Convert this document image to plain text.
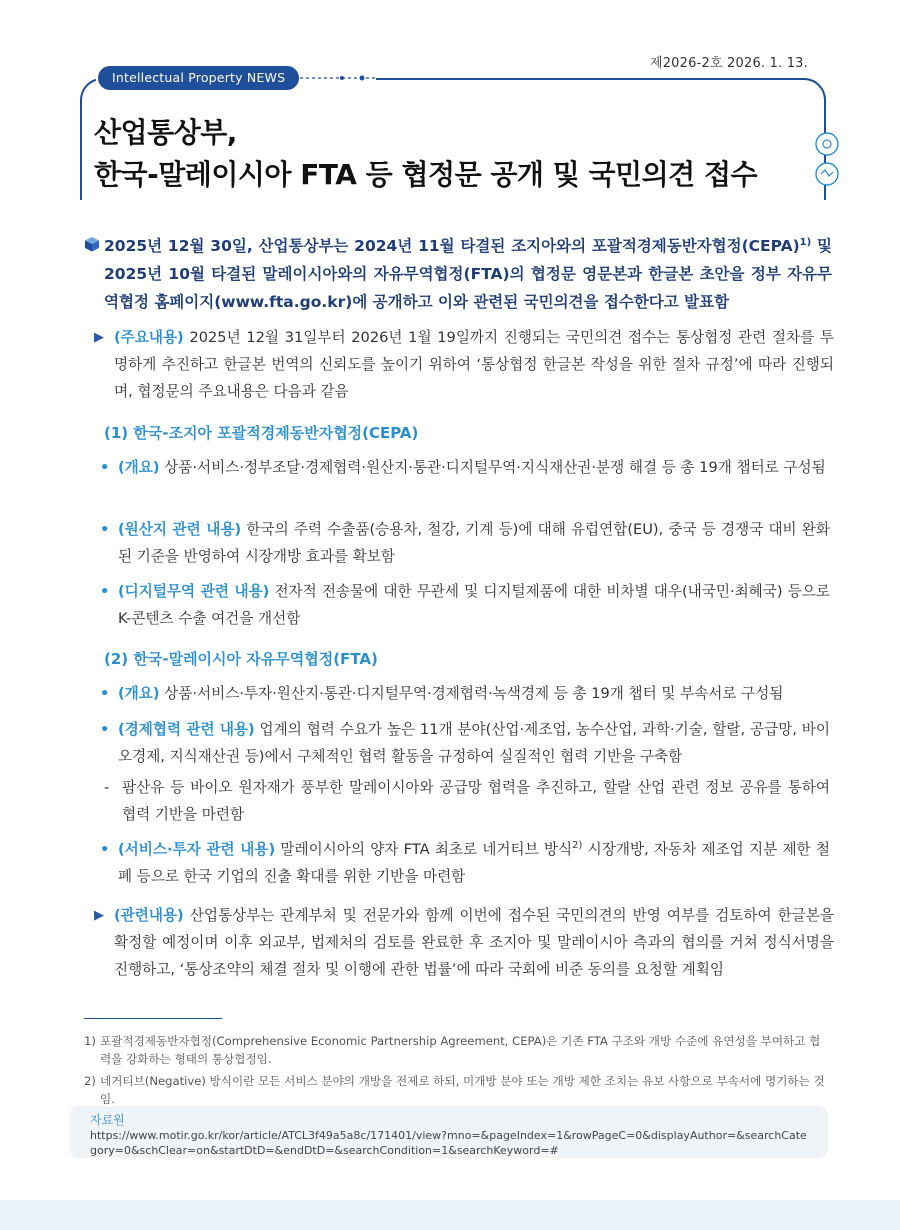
제2026-2호 2026. 1. 13.
Intellectual Property NEWS
산업통상부,
한국-말레이시아 FTA 등 협정문 공개 및 국민의견 접수
2025년 12월 30일, 산업통상부는 2024년 11월 타결된 조지아와의 포괄적경제동반자협정(CEPA)$^{1)}$ 및 2025년 10월 타결된 말레이시아와의 자유무역협정(FTA)의 협정문 영문본과 한글본 초안을 정부 자유무역협정 홈페이지(www.fta.go.kr)에 공개하고 이와 관련된 국민의견을 접수한다고 발표함
▶ (주요내용) 2025년 12월 31일부터 2026년 1월 19일까지 진행되는 국민의견 접수는 통상협정 관련 절차를 투명하게 추진하고 한글본 번역의 신뢰도를 높이기 위하여 ‘통상협정 한글본 작성을 위한 절차 규정’에 따라 진행되며, 협정문의 주요내용은 다음과 같음
(1) 한국-조지아 포괄적경제동반자협정(CEPA)
• (개요) 상품·서비스·정부조달·경제협력·원산지·통관·디지털무역·지식재산권·분쟁 해결 등 총 19개 챕터로 구성됨
• (원산지 관련 내용) 한국의 주력 수출품(승용차, 철강, 기계 등)에 대해 유럽연합(EU), 중국 등 경쟁국 대비 완화된 기준을 반영하여 시장개방 효과를 확보함
• (디지털무역 관련 내용) 전자적 전송물에 대한 무관세 및 디지털제품에 대한 비차별 대우(내국민·최혜국) 등으로 K-콘텐츠 수출 여건을 개선함
(2) 한국-말레이시아 자유무역협정(FTA)
• (개요) 상품·서비스·투자·원산지·통관·디지털무역·경제협력·녹색경제 등 총 19개 챕터 및 부속서로 구성됨
• (경제협력 관련 내용) 업계의 협력 수요가 높은 11개 분야(산업·제조업, 농수산업, 과학·기술, 할랄, 공급망, 바이오경제, 지식재산권 등)에서 구체적인 협력 활동을 규정하여 실질적인 협력 기반을 구축함
- 팜산유 등 바이오 원자재가 풍부한 말레이시아와 공급망 협력을 추진하고, 할랄 산업 관련 정보 공유를 통하여 협력 기반을 마련함
• (서비스·투자 관련 내용) 말레이시아의 양자 FTA 최초로 네거티브 방식$^{2)}$ 시장개방, 자동차 제조업 지분 제한 철폐 등으로 한국 기업의 진출 확대를 위한 기반을 마련함
▶ (관련내용) 산업통상부는 관계부처 및 전문가와 함께 이번에 접수된 국민의견의 반영 여부를 검토하여 한글본을 확정할 예정이며 이후 외교부, 법제처의 검토를 완료한 후 조지아 및 말레이시아 측과의 협의를 거쳐 정식서명을 진행하고, ‘통상조약의 체결 절차 및 이행에 관한 법률’에 따라 국회에 비준 동의를 요청할 계획임
1) 포괄적경제동반자협정(Comprehensive Economic Partnership Agreement, CEPA)은 기존 FTA 구조와 개방 수준에 유연성을 부여하고 협력을 강화하는 형태의 통상협정임.
2) 네거티브(Negative) 방식이란 모든 서비스 분야의 개방을 전제로 하되, 미개방 분야 또는 개방 제한 조치는 유보 사항으로 부속서에 명기하는 것임.
자료원
https://www.motir.go.kr/kor/article/ATCL3f49a5a8c/171401/view?mno=&pageIndex=1&rowPageC=0&displayAuthor=&searchCategory=0&schClear=on&startDtD=&endDtD=&searchCondition=1&searchKeyword=#
